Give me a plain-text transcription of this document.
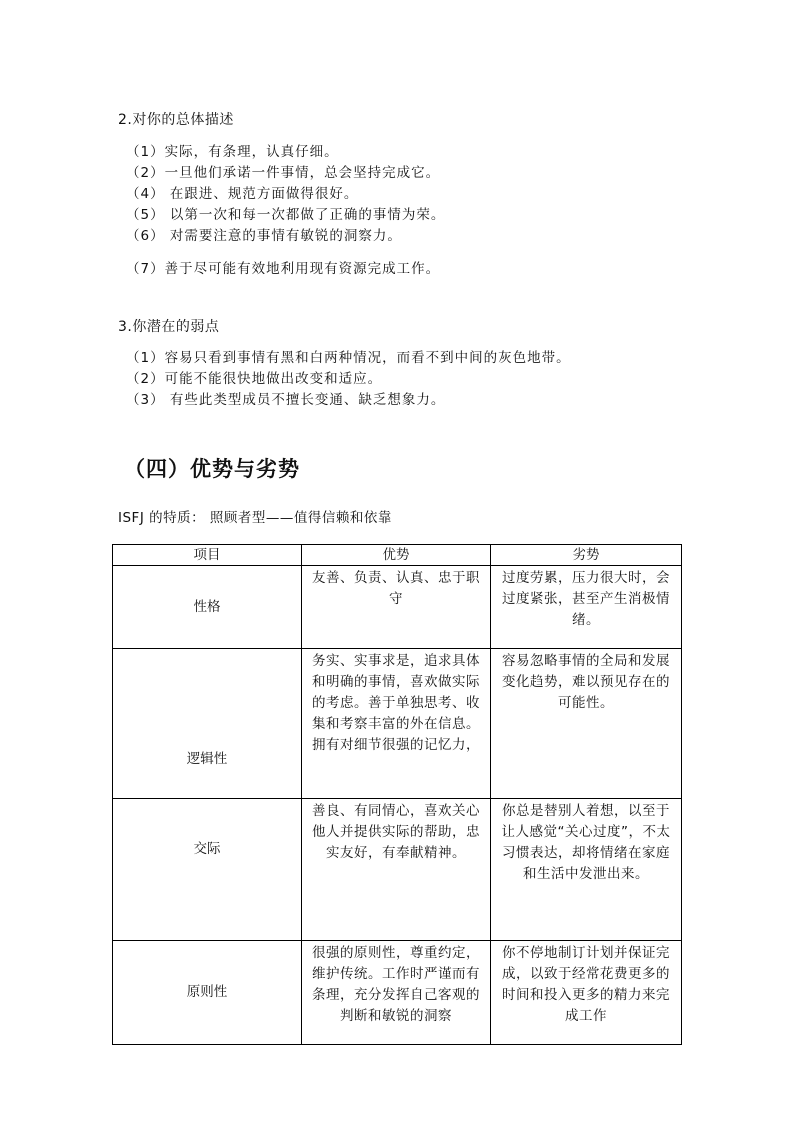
2.对你的总体描述
（1）实际，有条理，认真仔细。
（2）一旦他们承诺一件事情，总会坚持完成它。
（4） 在跟进、规范方面做得很好。
（5） 以第一次和每一次都做了正确的事情为荣。
（6） 对需要注意的事情有敏锐的洞察力。
（7）善于尽可能有效地利用现有资源完成工作。
3.你潜在的弱点
（1）容易只看到事情有黑和白两种情况，而看不到中间的灰色地带。
（2）可能不能很快地做出改变和适应。
（3） 有些此类型成员不擅长变通、缺乏想象力。
（四）优势与劣势
ISFJ 的特质： 照顾者型——值得信赖和依靠
项目	优势	劣势
性格	友善、负责、认真、忠于职守	过度劳累，压力很大时，会过度紧张，甚至产生消极情绪。
逻辑性	务实、实事求是，追求具体和明确的事情，喜欢做实际的考虑。善于单独思考、收集和考察丰富的外在信息。拥有对细节很强的记忆力，	容易忽略事情的全局和发展变化趋势，难以预见存在的可能性。
交际	善良、有同情心，喜欢关心他人并提供实际的帮助，忠实友好，有奉献精神。	你总是替别人着想，以至于让人感觉“关心过度”，不太习惯表达，却将情绪在家庭和生活中发泄出来。
原则性	很强的原则性，尊重约定，维护传统。工作时严谨而有条理，充分发挥自己客观的判断和敏锐的洞察	你不停地制订计划并保证完成，以致于经常花费更多的时间和投入更多的精力来完成工作
